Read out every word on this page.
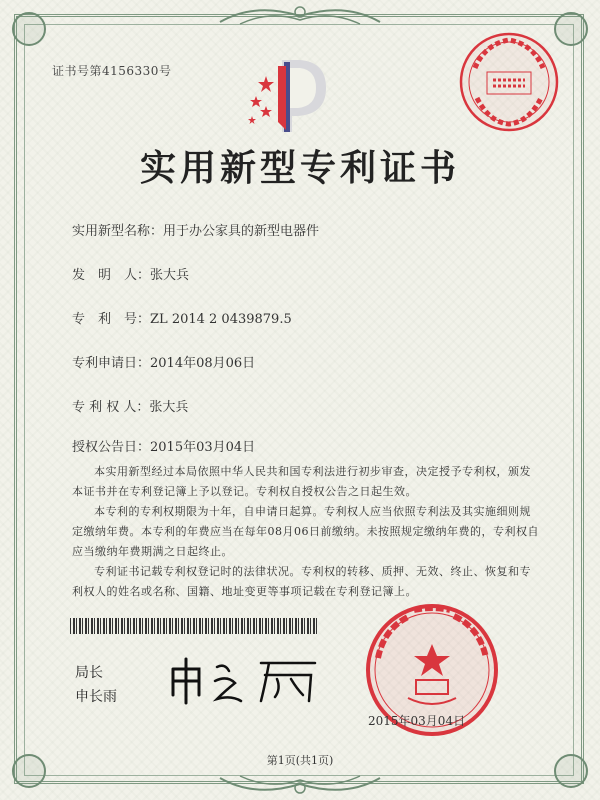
证书号第4156330号
实用新型专利证书
实用新型名称：用于办公家具的新型电器件
发　明　人：张大兵
专　利　号：ZL 2014 2 0439879.5
专利申请日：2014年08月06日
专 利 权 人：张大兵
授权公告日：2015年03月04日

本实用新型经过本局依照中华人民共和国专利法进行初步审查，决定授予专利权，颁发本证书并在专利登记簿上予以登记。专利权自授权公告之日起生效。

本专利的专利权期限为十年，自申请日起算。专利权人应当依照专利法及其实施细则规定缴纳年费。本专利的年费应当在每年08月06日前缴纳。未按照规定缴纳年费的，专利权自应当缴纳年费期满之日起终止。

专利证书记载专利权登记时的法律状况。专利权的转移、质押、无效、终止、恢复和专利权人的姓名或名称、国籍、地址变更等事项记载在专利登记簿上。

局长
申长雨
2015年03月04日
第1页(共1页)
